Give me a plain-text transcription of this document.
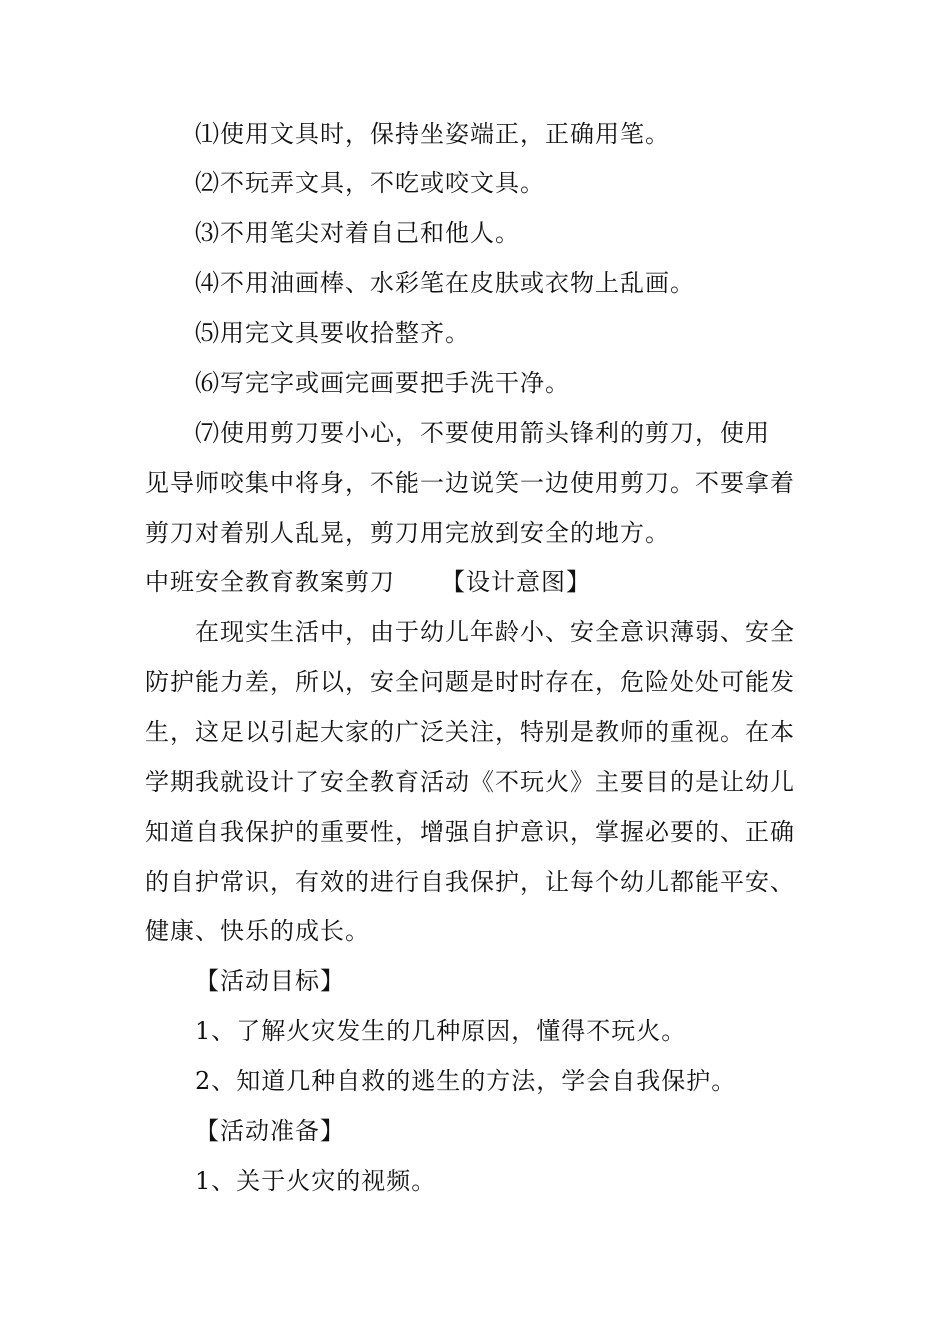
⑴使用文具时，保持坐姿端正，正确用笔。
⑵不玩弄文具，不吃或咬文具。
⑶不用笔尖对着自己和他人。
⑷不用油画棒、水彩笔在皮肤或衣物上乱画。
⑸用完文具要收拾整齐。
⑹写完字或画完画要把手洗干净。
⑺使用剪刀要小心，不要使用箭头锋利的剪刀，使用
见导师咬集中将身，不能一边说笑一边使用剪刀。不要拿着
剪刀对着别人乱晃，剪刀用完放到安全的地方。
中班安全教育教案剪刀 【设计意图】
在现实生活中，由于幼儿年龄小、安全意识薄弱、安全
防护能力差，所以，安全问题是时时存在，危险处处可能发
生，这足以引起大家的广泛关注，特别是教师的重视。在本
学期我就设计了安全教育活动《不玩火》主要目的是让幼儿
知道自我保护的重要性，增强自护意识，掌握必要的、正确
的自护常识，有效的进行自我保护，让每个幼儿都能平安、
健康、快乐的成长。
【活动目标】
1、了解火灾发生的几种原因，懂得不玩火。
2、知道几种自救的逃生的方法，学会自我保护。
【活动准备】
1、关于火灾的视频。
